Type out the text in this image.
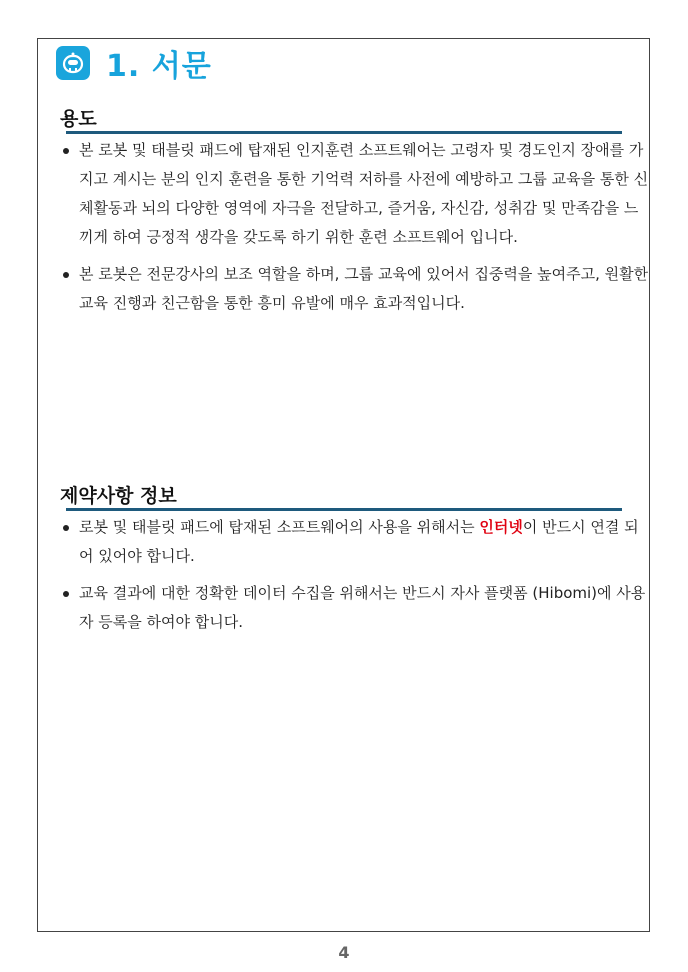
1. 서문
용도
본 로봇 및 태블릿 패드에 탑재된 인지훈련 소프트웨어는 고령자 및 경도인지 장애를 가지고 계시는 분의 인지 훈련을 통한 기억력 저하를 사전에 예방하고 그룹 교육을 통한 신체활동과 뇌의 다양한 영역에 자극을 전달하고, 즐거움, 자신감, 성취감 및 만족감을 느끼게 하여 긍정적 생각을 갖도록 하기 위한 훈련 소프트웨어 입니다.
본 로봇은 전문강사의 보조 역할을 하며, 그룹 교육에 있어서 집중력을 높여주고, 원활한 교육 진행과 친근함을 통한 흥미 유발에 매우 효과적입니다.
제약사항 정보
로봇 및 태블릿 패드에 탑재된 소프트웨어의 사용을 위해서는 인터넷이 반드시 연결 되어 있어야 합니다.
교육 결과에 대한 정확한 데이터 수집을 위해서는 반드시 자사 플랫폼 (Hibomi)에 사용자 등록을 하여야 합니다.
4
